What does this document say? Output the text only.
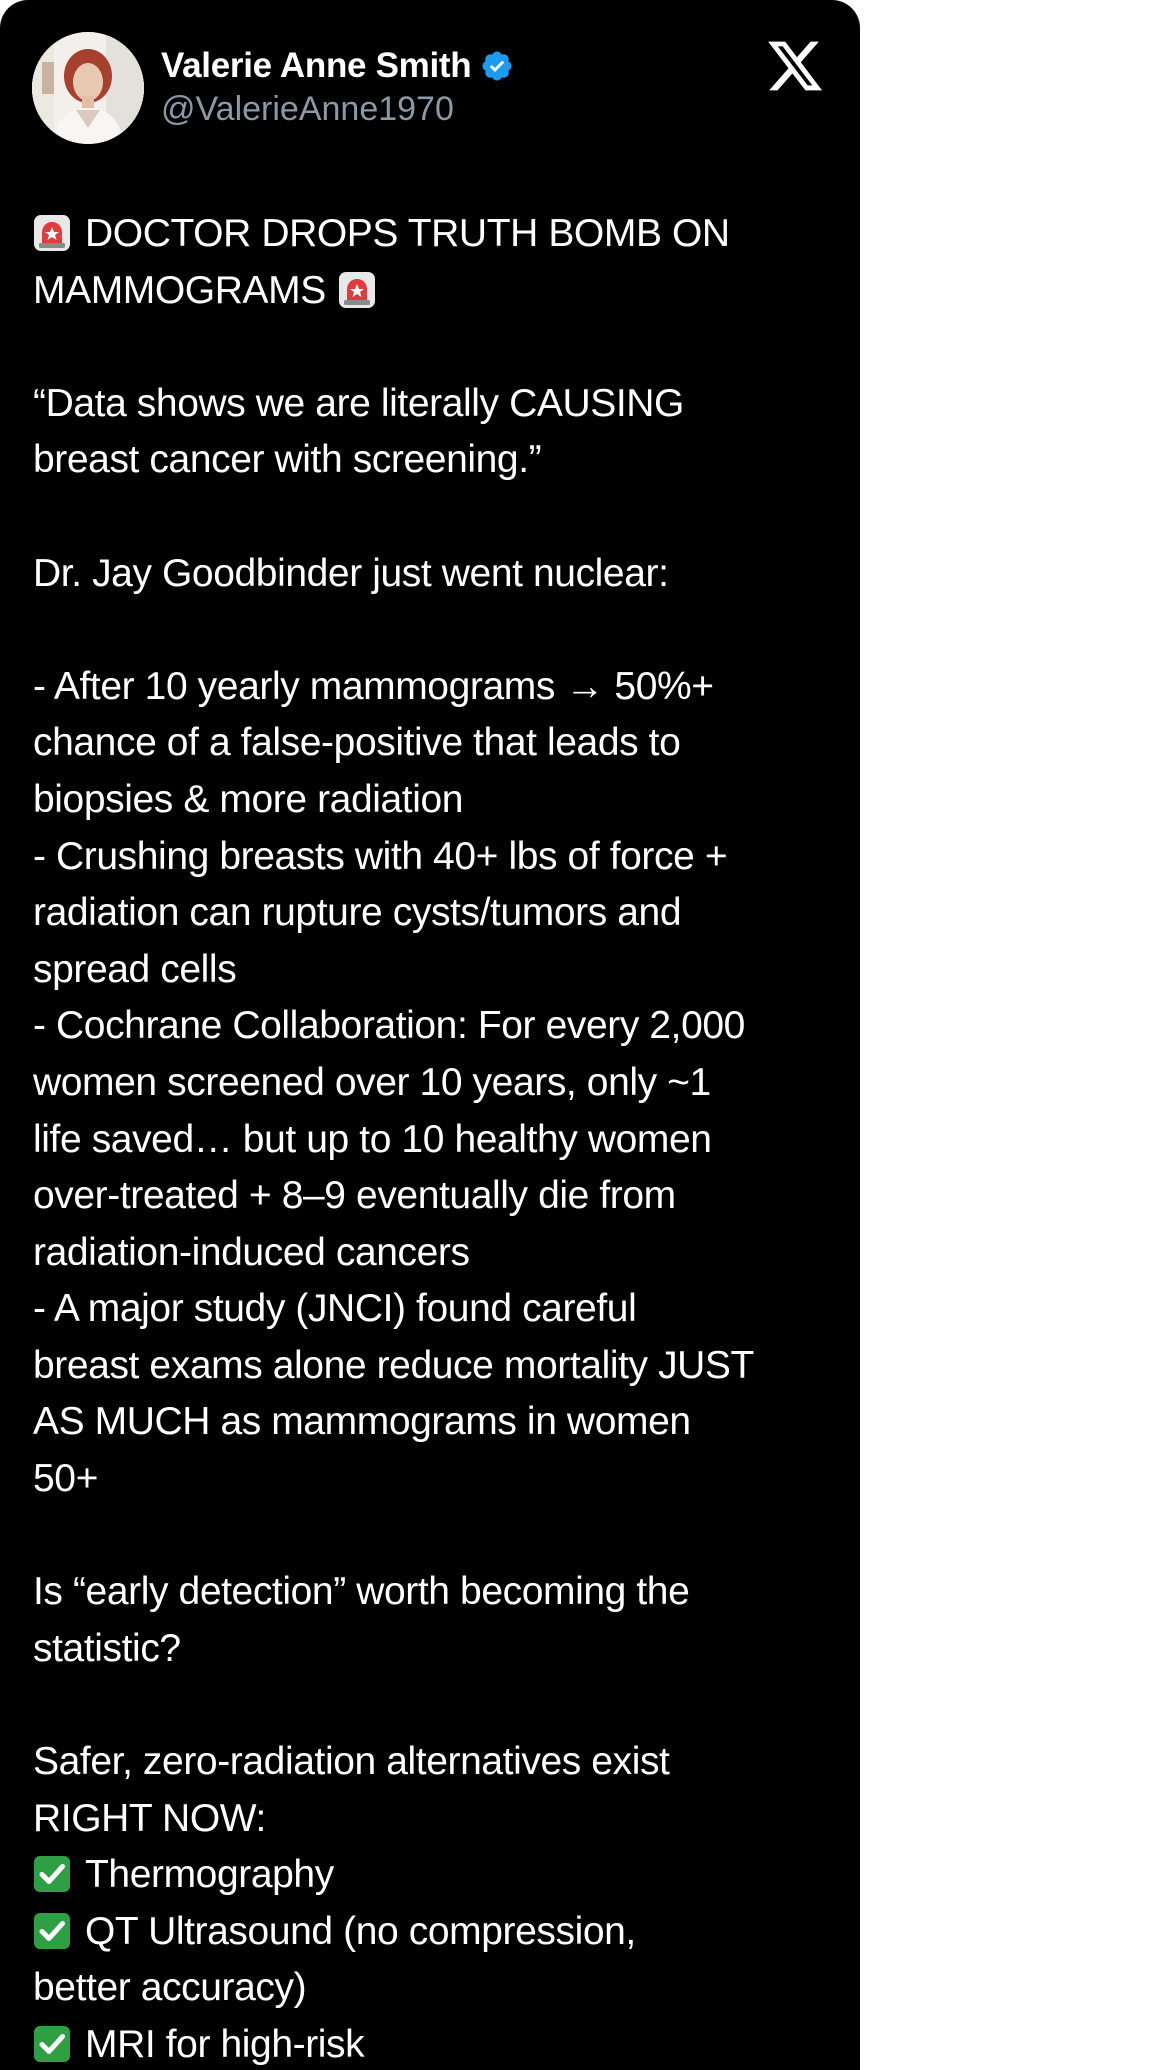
Valerie Anne Smith
@ValerieAnne1970
DOCTOR DROPS TRUTH BOMB ON
MAMMOGRAMS
“Data shows we are literally CAUSING
breast cancer with screening.”
Dr. Jay Goodbinder just went nuclear:
- After 10 yearly mammograms → 50%+
chance of a false-positive that leads to
biopsies & more radiation
- Crushing breasts with 40+ lbs of force +
radiation can rupture cysts/tumors and
spread cells
- Cochrane Collaboration: For every 2,000
women screened over 10 years, only ~1
life saved… but up to 10 healthy women
over-treated + 8–9 eventually die from
radiation-induced cancers
- A major study (JNCI) found careful
breast exams alone reduce mortality JUST
AS MUCH as mammograms in women
50+
Is “early detection” worth becoming the
statistic?
Safer, zero-radiation alternatives exist
RIGHT NOW:
Thermography
QT Ultrasound (no compression,
better accuracy)
MRI for high-risk
